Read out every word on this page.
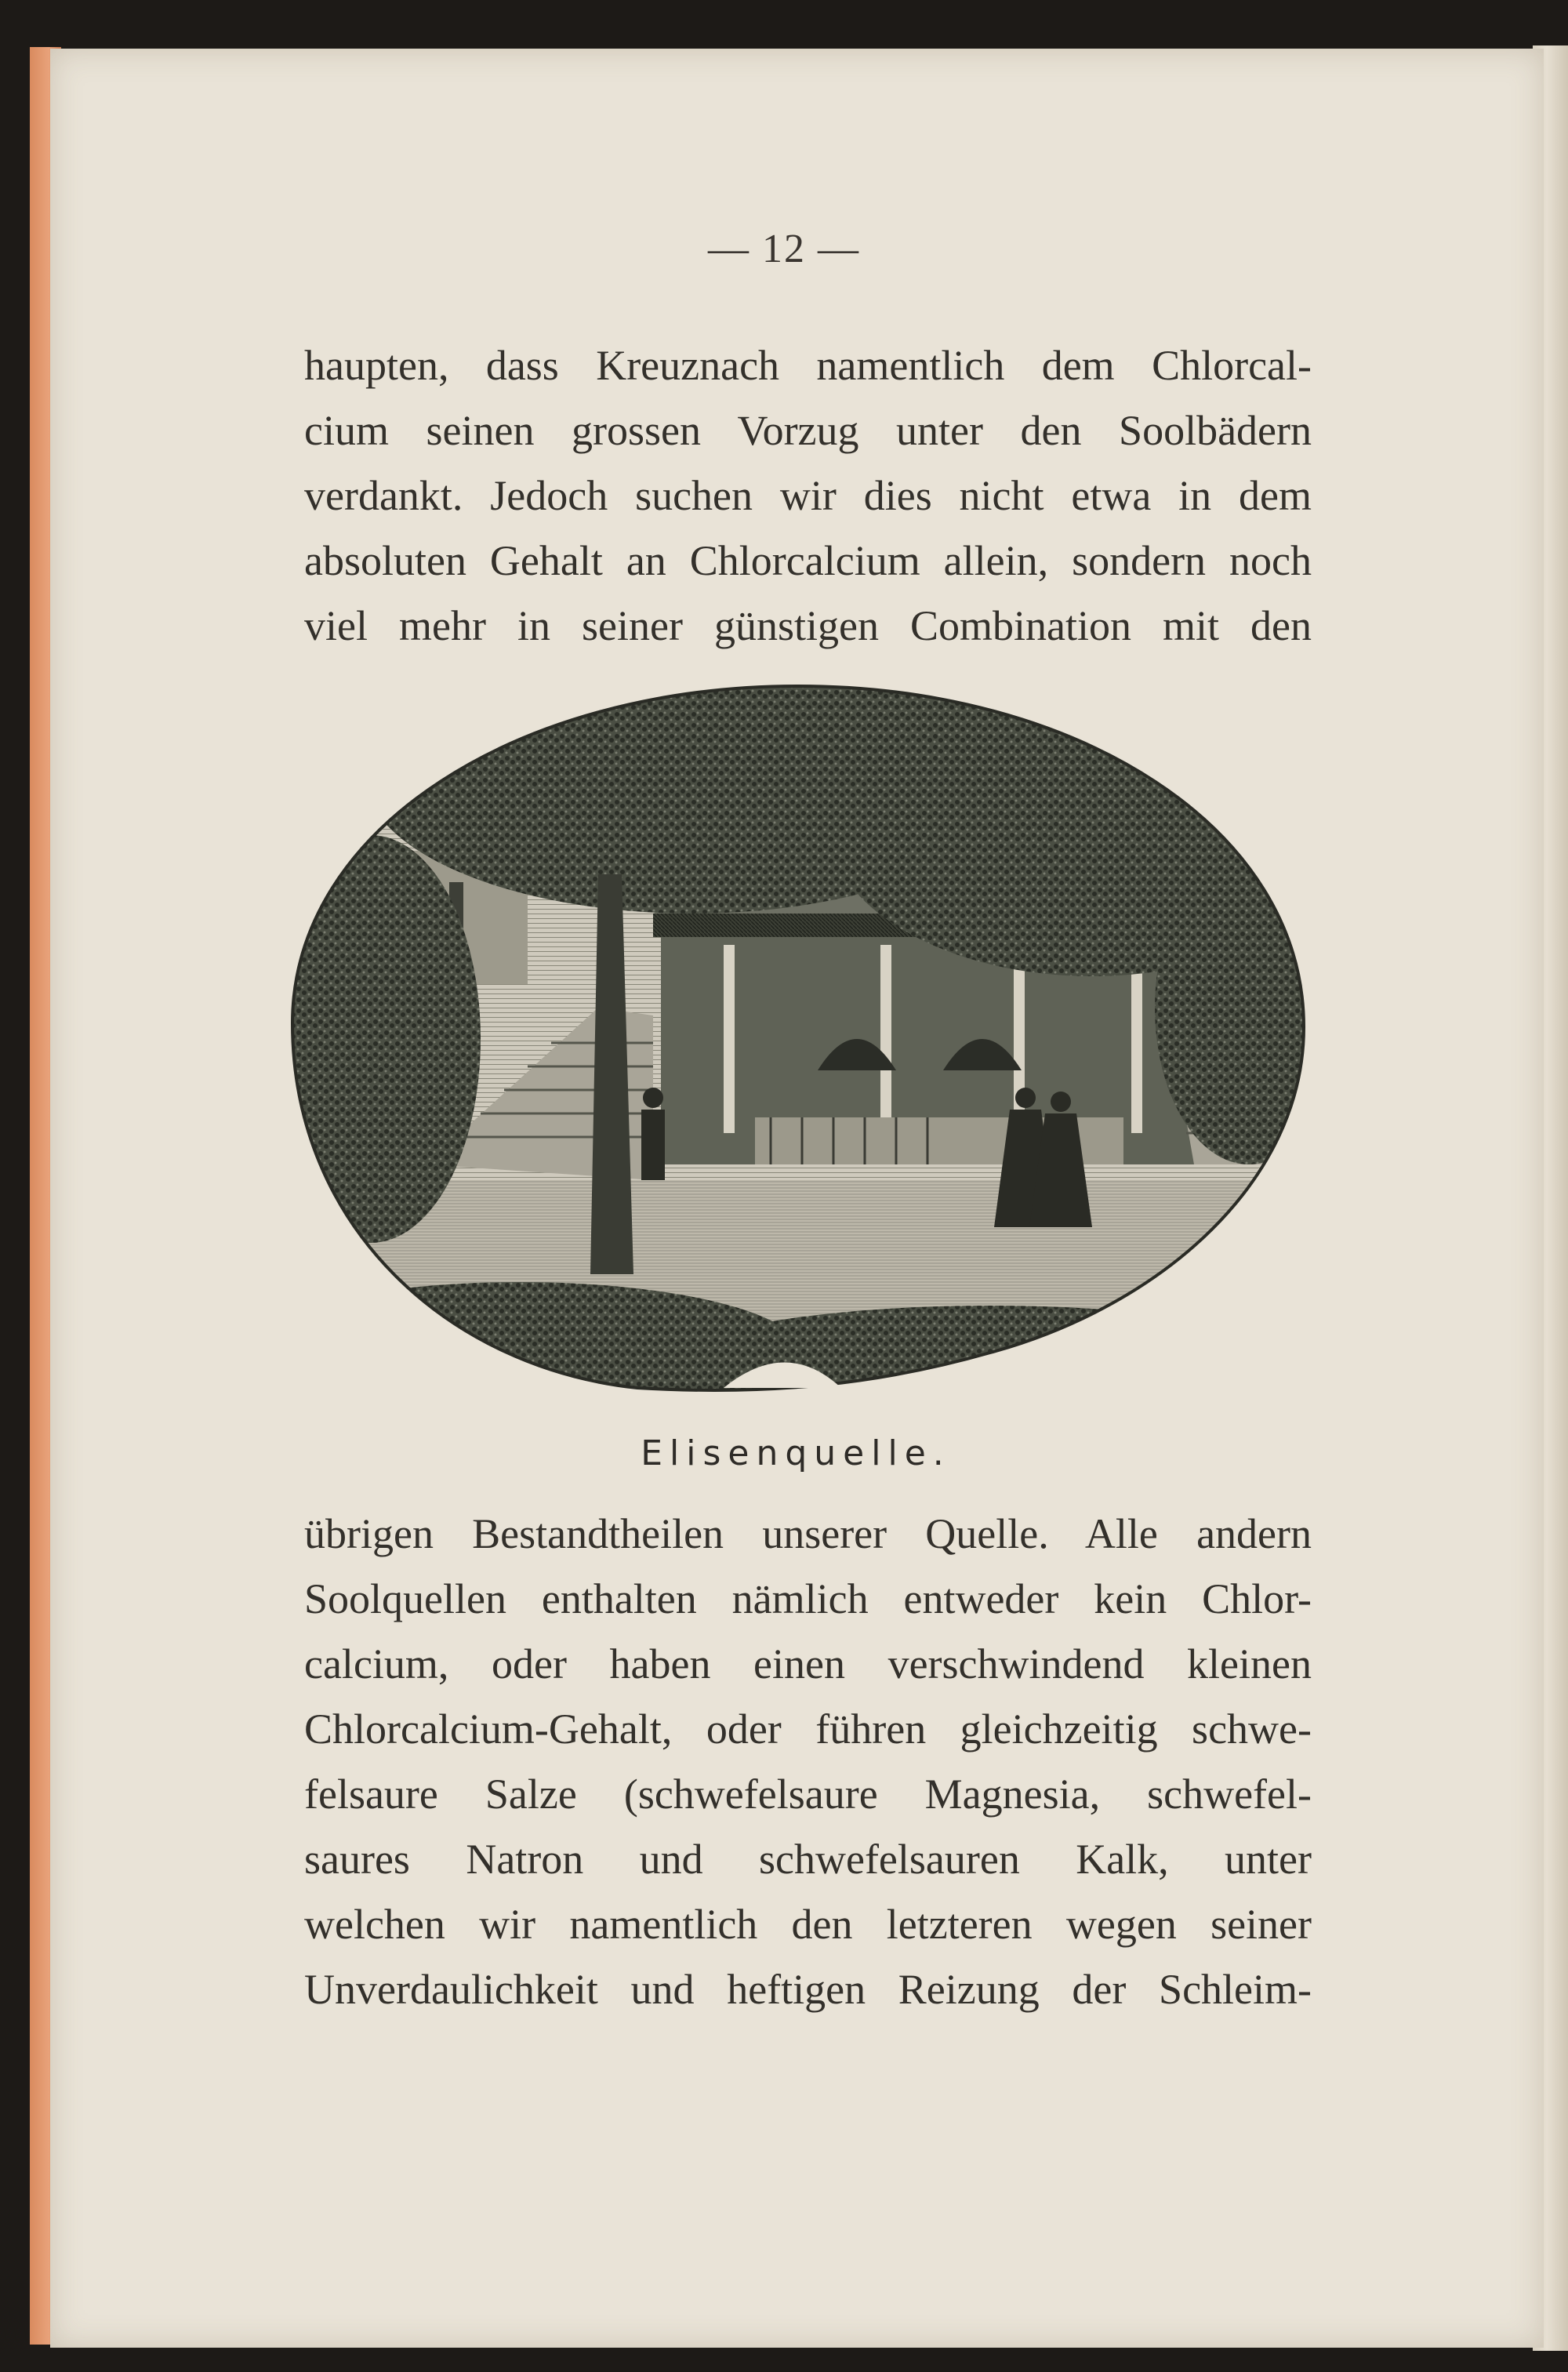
— 12 —
haupten, dass Kreuznach namentlich dem Chlorcal-
cium seinen grossen Vorzug unter den Soolbädern
verdankt. Jedoch suchen wir dies nicht etwa in dem
absoluten Gehalt an Chlorcalcium allein, sondern noch
viel mehr in seiner günstigen Combination mit den
Elisenquelle.
übrigen Bestandtheilen unserer Quelle. Alle andern
Soolquellen enthalten nämlich entweder kein Chlor-
calcium, oder haben einen verschwindend kleinen
Chlorcalcium-Gehalt, oder führen gleichzeitig schwe-
felsaure Salze (schwefelsaure Magnesia, schwefel-
saures Natron und schwefelsauren Kalk, unter
welchen wir namentlich den letzteren wegen seiner
Unverdaulichkeit und heftigen Reizung der Schleim-
